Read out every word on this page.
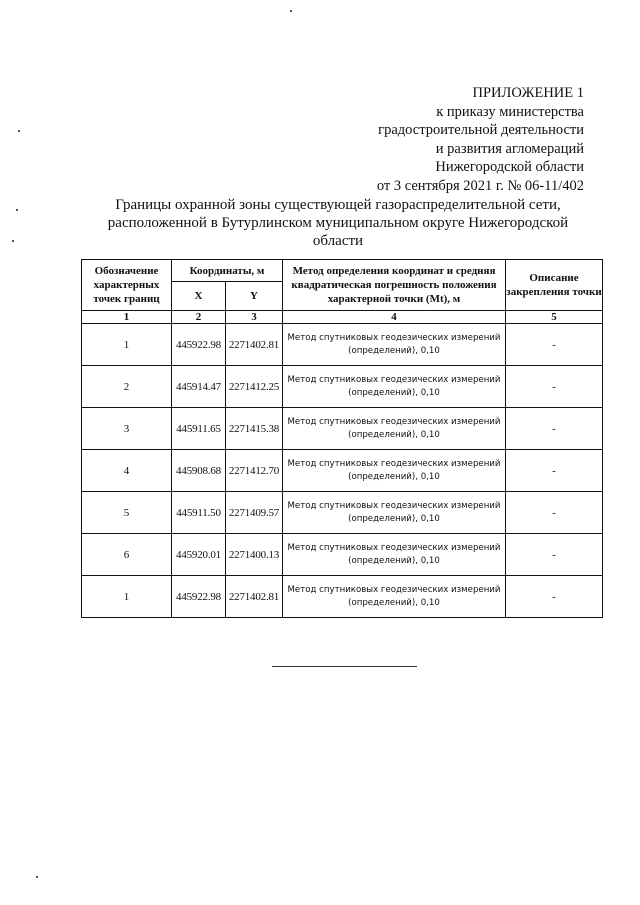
ПРИЛОЖЕНИЕ 1
к приказу министерства
градостроительной деятельности
и развития агломераций
Нижегородской области
от 3 сентября 2021 г. № 06-11/402
Границы охранной зоны существующей газораспределительной сети,
расположенной в Бутурлинском муниципальном округе Нижегородской
области
Обозначение характерных точек границ	Координаты, м		Метод определения координат и средняя квадратическая погрешность положения характерной точки (Mt), м	Описание закрепления точки
	X	Y		
1	2	3	4	5
1	445922.98	2271402.81	Метод спутниковых геодезических измерений (определений), 0,10	-
2	445914.47	2271412.25	Метод спутниковых геодезических измерений (определений), 0,10	-
3	445911.65	2271415.38	Метод спутниковых геодезических измерений (определений), 0,10	-
4	445908.68	2271412.70	Метод спутниковых геодезических измерений (определений), 0,10	-
5	445911.50	2271409.57	Метод спутниковых геодезических измерений (определений), 0,10	-
6	445920.01	2271400.13	Метод спутниковых геодезических измерений (определений), 0,10	-
1	445922.98	2271402.81	Метод спутниковых геодезических измерений (определений), 0,10	-
